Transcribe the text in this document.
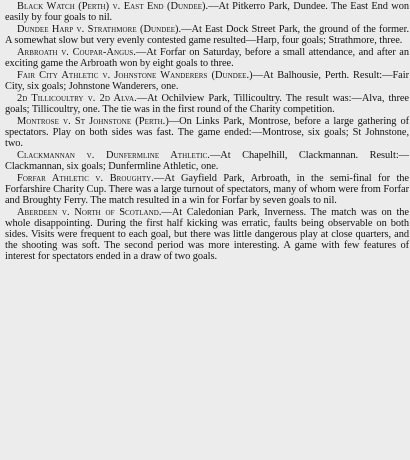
Black Watch (Perth) v. East End (Dundee).—At Pitkerro Park, Dundee. The East End won easily by four goals to nil.

Dundee Harp v. Strathmore (Dundee).—At East Dock Street Park, the ground of the former. A somewhat slow but very evenly contested game resulted—Harp, four goals; Strathmore, three.

Arbroath v. Coupar-Angus.—At Forfar on Saturday, before a small attendance, and after an exciting game the Arbroath won by eight goals to three.

Fair City Athletic v. Johnstone Wanderers (Dundee.)—At Balhousie, Perth. Result:—Fair City, six goals; Johnstone Wanderers, one.

2d Tillicoultry v. 2d Alva.—At Ochilview Park, Tillicoultry. The result was:—Alva, three goals; Tillicoultry, one. The tie was in the first round of the Charity competition.

Montrose v. St Johnstone (Perth.)—On Links Park, Montrose, before a large gathering of spectators. Play on both sides was fast. The game ended:—Montrose, six goals; St Johnstone, two.

Clackmannan v. Dunfermline Athletic.—At Chapelhill, Clackmannan. Result:—Clackmannan, six goals; Dunfermline Athletic, one.

Forfar Athletic v. Broughty.—At Gayfield Park, Arbroath, in the semi-final for the Forfarshire Charity Cup. There was a large turnout of spectators, many of whom were from Forfar and Broughty Ferry. The match resulted in a win for Forfar by seven goals to nil.

Aberdeen v. North of Scotland.—At Caledonian Park, Inverness. The match was on the whole disappointing. During the first half kicking was erratic, faults being observable on both sides. Visits were frequent to each goal, but there was little dangerous play at close quarters, and the shooting was soft. The second period was more interesting. A game with few features of interest for spectators ended in a draw of two goals.
